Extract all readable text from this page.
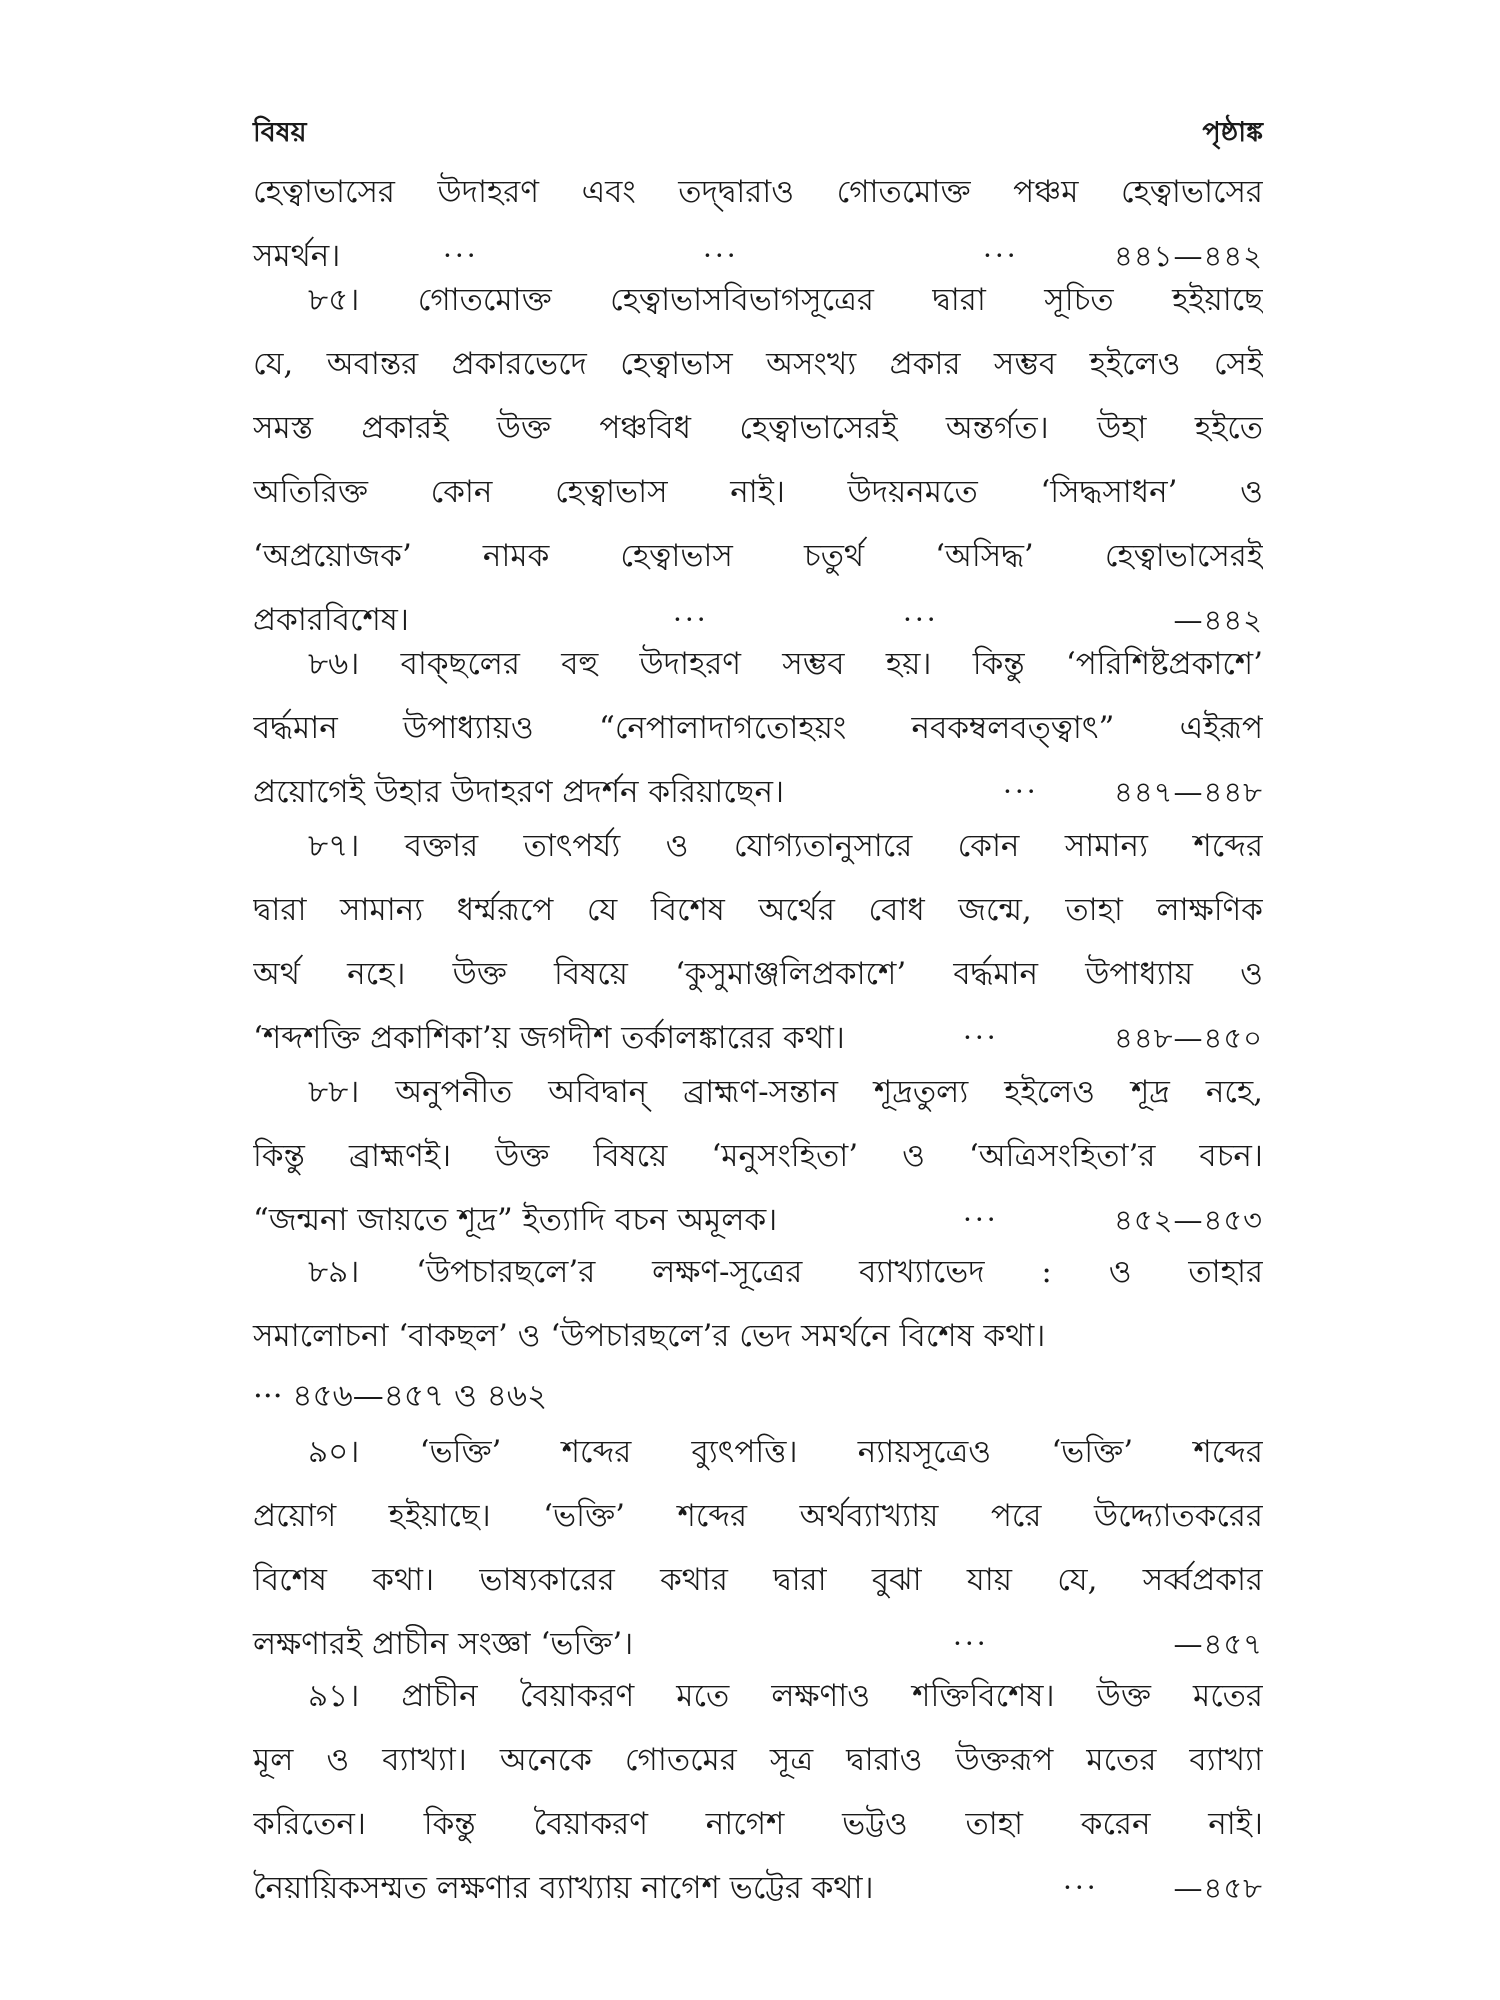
বিষয়	পৃষ্ঠাঙ্ক
হেত্বাভাসের উদাহরণ এবং তদ্দ্বারাও গোতমোক্ত পঞ্চম হেত্বাভাসের
সমর্থন।	···	···	···	৪৪১—৪৪২
৮৫। গোতমোক্ত হেত্বাভাসবিভাগসূত্রের দ্বারা সূচিত হইয়াছে
যে, অবান্তর প্রকারভেদে হেত্বাভাস অসংখ্য প্রকার সম্ভব হইলেও সেই
সমস্ত প্রকারই উক্ত পঞ্চবিধ হেত্বাভাসেরই অন্তর্গত। উহা হইতে
অতিরিক্ত কোন হেত্বাভাস নাই। উদয়নমতে ‘সিদ্ধসাধন’ ও
‘অপ্রয়োজক’ নামক হেত্বাভাস চতুর্থ ‘অসিদ্ধ’ হেত্বাভাসেরই
প্রকারবিশেষ।	···	···	—৪৪২
৮৬। বাক্‌ছলের বহু উদাহরণ সম্ভব হয়। কিন্তু ‘পরিশিষ্টপ্রকাশে’
বর্দ্ধমান উপাধ্যায়ও “নেপালাদাগতোহয়ং নবকম্বলবত্ত্বাৎ” এইরূপ
প্রয়োগেই উহার উদাহরণ প্রদর্শন করিয়াছেন।	···	৪৪৭—৪৪৮
৮৭। বক্তার তাৎপর্য্য ও যোগ্যতানুসারে কোন সামান্য শব্দের
দ্বারা সামান্য ধর্ম্মরূপে যে বিশেষ অর্থের বোধ জন্মে, তাহা লাক্ষণিক
অর্থ নহে। উক্ত বিষয়ে ‘কুসুমাঞ্জলিপ্রকাশে’ বর্দ্ধমান উপাধ্যায় ও
‘শব্দশক্তি প্রকাশিকা’য় জগদীশ তর্কালঙ্কারের কথা।	···	৪৪৮—৪৫০
৮৮। অনুপনীত অবিদ্বান্ ব্রাহ্মণ-সন্তান শূদ্রতুল্য হইলেও শূদ্র নহে,
কিন্তু ব্রাহ্মণই। উক্ত বিষয়ে ‘মনুসংহিতা’ ও ‘অত্রিসংহিতা’র বচন।
“জন্মনা জায়তে শূদ্র” ইত্যাদি বচন অমূলক।	···	৪৫২—৪৫৩
৮৯। ‘উপচারছলে’র লক্ষণ-সূত্রের ব্যাখ্যাভেদ : ও তাহার
সমালোচনা ‘বাকছল’ ও ‘উপচারছলে’র ভেদ সমর্থনে বিশেষ কথা।
··· ৪৫৬—৪৫৭ ও ৪৬২
৯০। ‘ভক্তি’ শব্দের ব্যুৎপত্তি। ন্যায়সূত্রেও ‘ভক্তি’ শব্দের
প্রয়োগ হইয়াছে। ‘ভক্তি’ শব্দের অর্থব্যাখ্যায় পরে উদ্দ্যোতকরের
বিশেষ কথা। ভাষ্যকারের কথার দ্বারা বুঝা যায় যে, সর্ব্বপ্রকার
লক্ষণারই প্রাচীন সংজ্ঞা ‘ভক্তি’।	···	—৪৫৭
৯১। প্রাচীন বৈয়াকরণ মতে লক্ষণাও শক্তিবিশেষ। উক্ত মতের
মূল ও ব্যাখ্যা। অনেকে গোতমের সূত্র দ্বারাও উক্তরূপ মতের ব্যাখ্যা
করিতেন। কিন্তু বৈয়াকরণ নাগেশ ভট্টও তাহা করেন নাই।
নৈয়ায়িকসম্মত লক্ষণার ব্যাখ্যায় নাগেশ ভট্টের কথা।	···	—৪৫৮
